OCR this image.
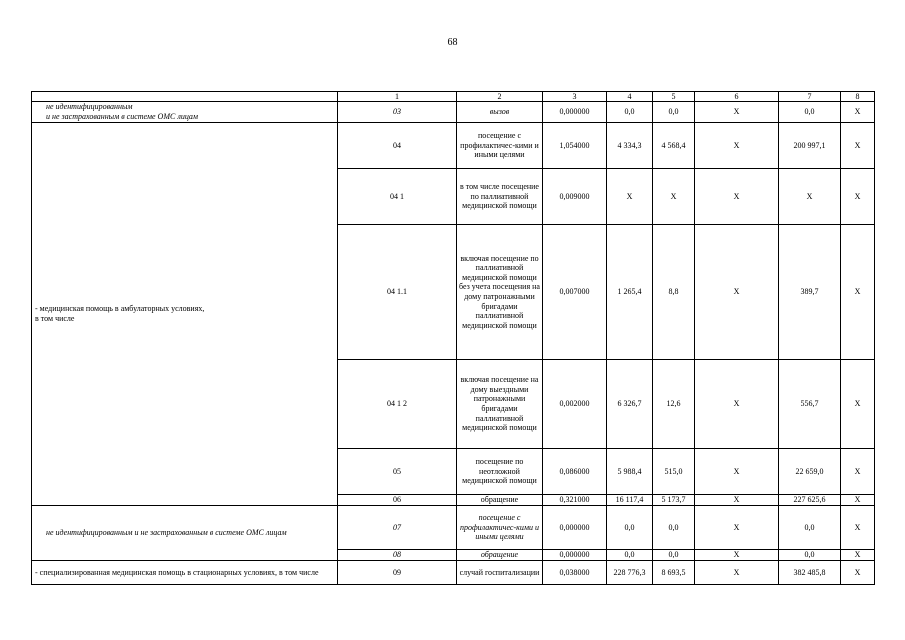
68
	1	2	3	4	5	6	7	8	
не идентифицированным
и не застрахованным в системе ОМС лицам	03	вызов	0,000000	0,0	0,0	X	0,0	X	
- медицинская помощь в амбулаторных условиях,
в том числе	04	посещение с профилактичес-кими и иными целями	1,054000	4 334,3	4 568,4	X	200 997,1	X	
	04 1	в том числе посещение по паллиативной медицинской помощи	0,009000	X	X	X	X	X	
	04 1.1	включая посещение по паллиативной медицинской помощи без учета посещения на дому патронажными бригадами паллиативной медицинской помощи	0,007000	1 265,4	8,8	X	389,7	X	
	04 1 2	включая посещение на дому выездными патронажными бригадами паллиативной медицинской помощи	0,002000	6 326,7	12,6	X	556,7	X	
	05	посещение по неотложной медицинской помощи	0,086000	5 988,4	515,0	X	22 659,0	X	
	06	обращение	0,321000	16 117,4	5 173,7	X	227 625,6	X	
не идентифицированным и не застрахованным в системе ОМС лицам	07	посещение с профилактичес-кими и иными целями	0,000000	0,0	0,0	X	0,0	X	
	08	обращение	0,000000	0,0	0,0	X	0,0	X	
- специализированная медицинская помощь в стационарных условиях, в том числе	09	случай госпитализации	0,038000	228 776,3	8 693,5	X	382 485,8	X	
